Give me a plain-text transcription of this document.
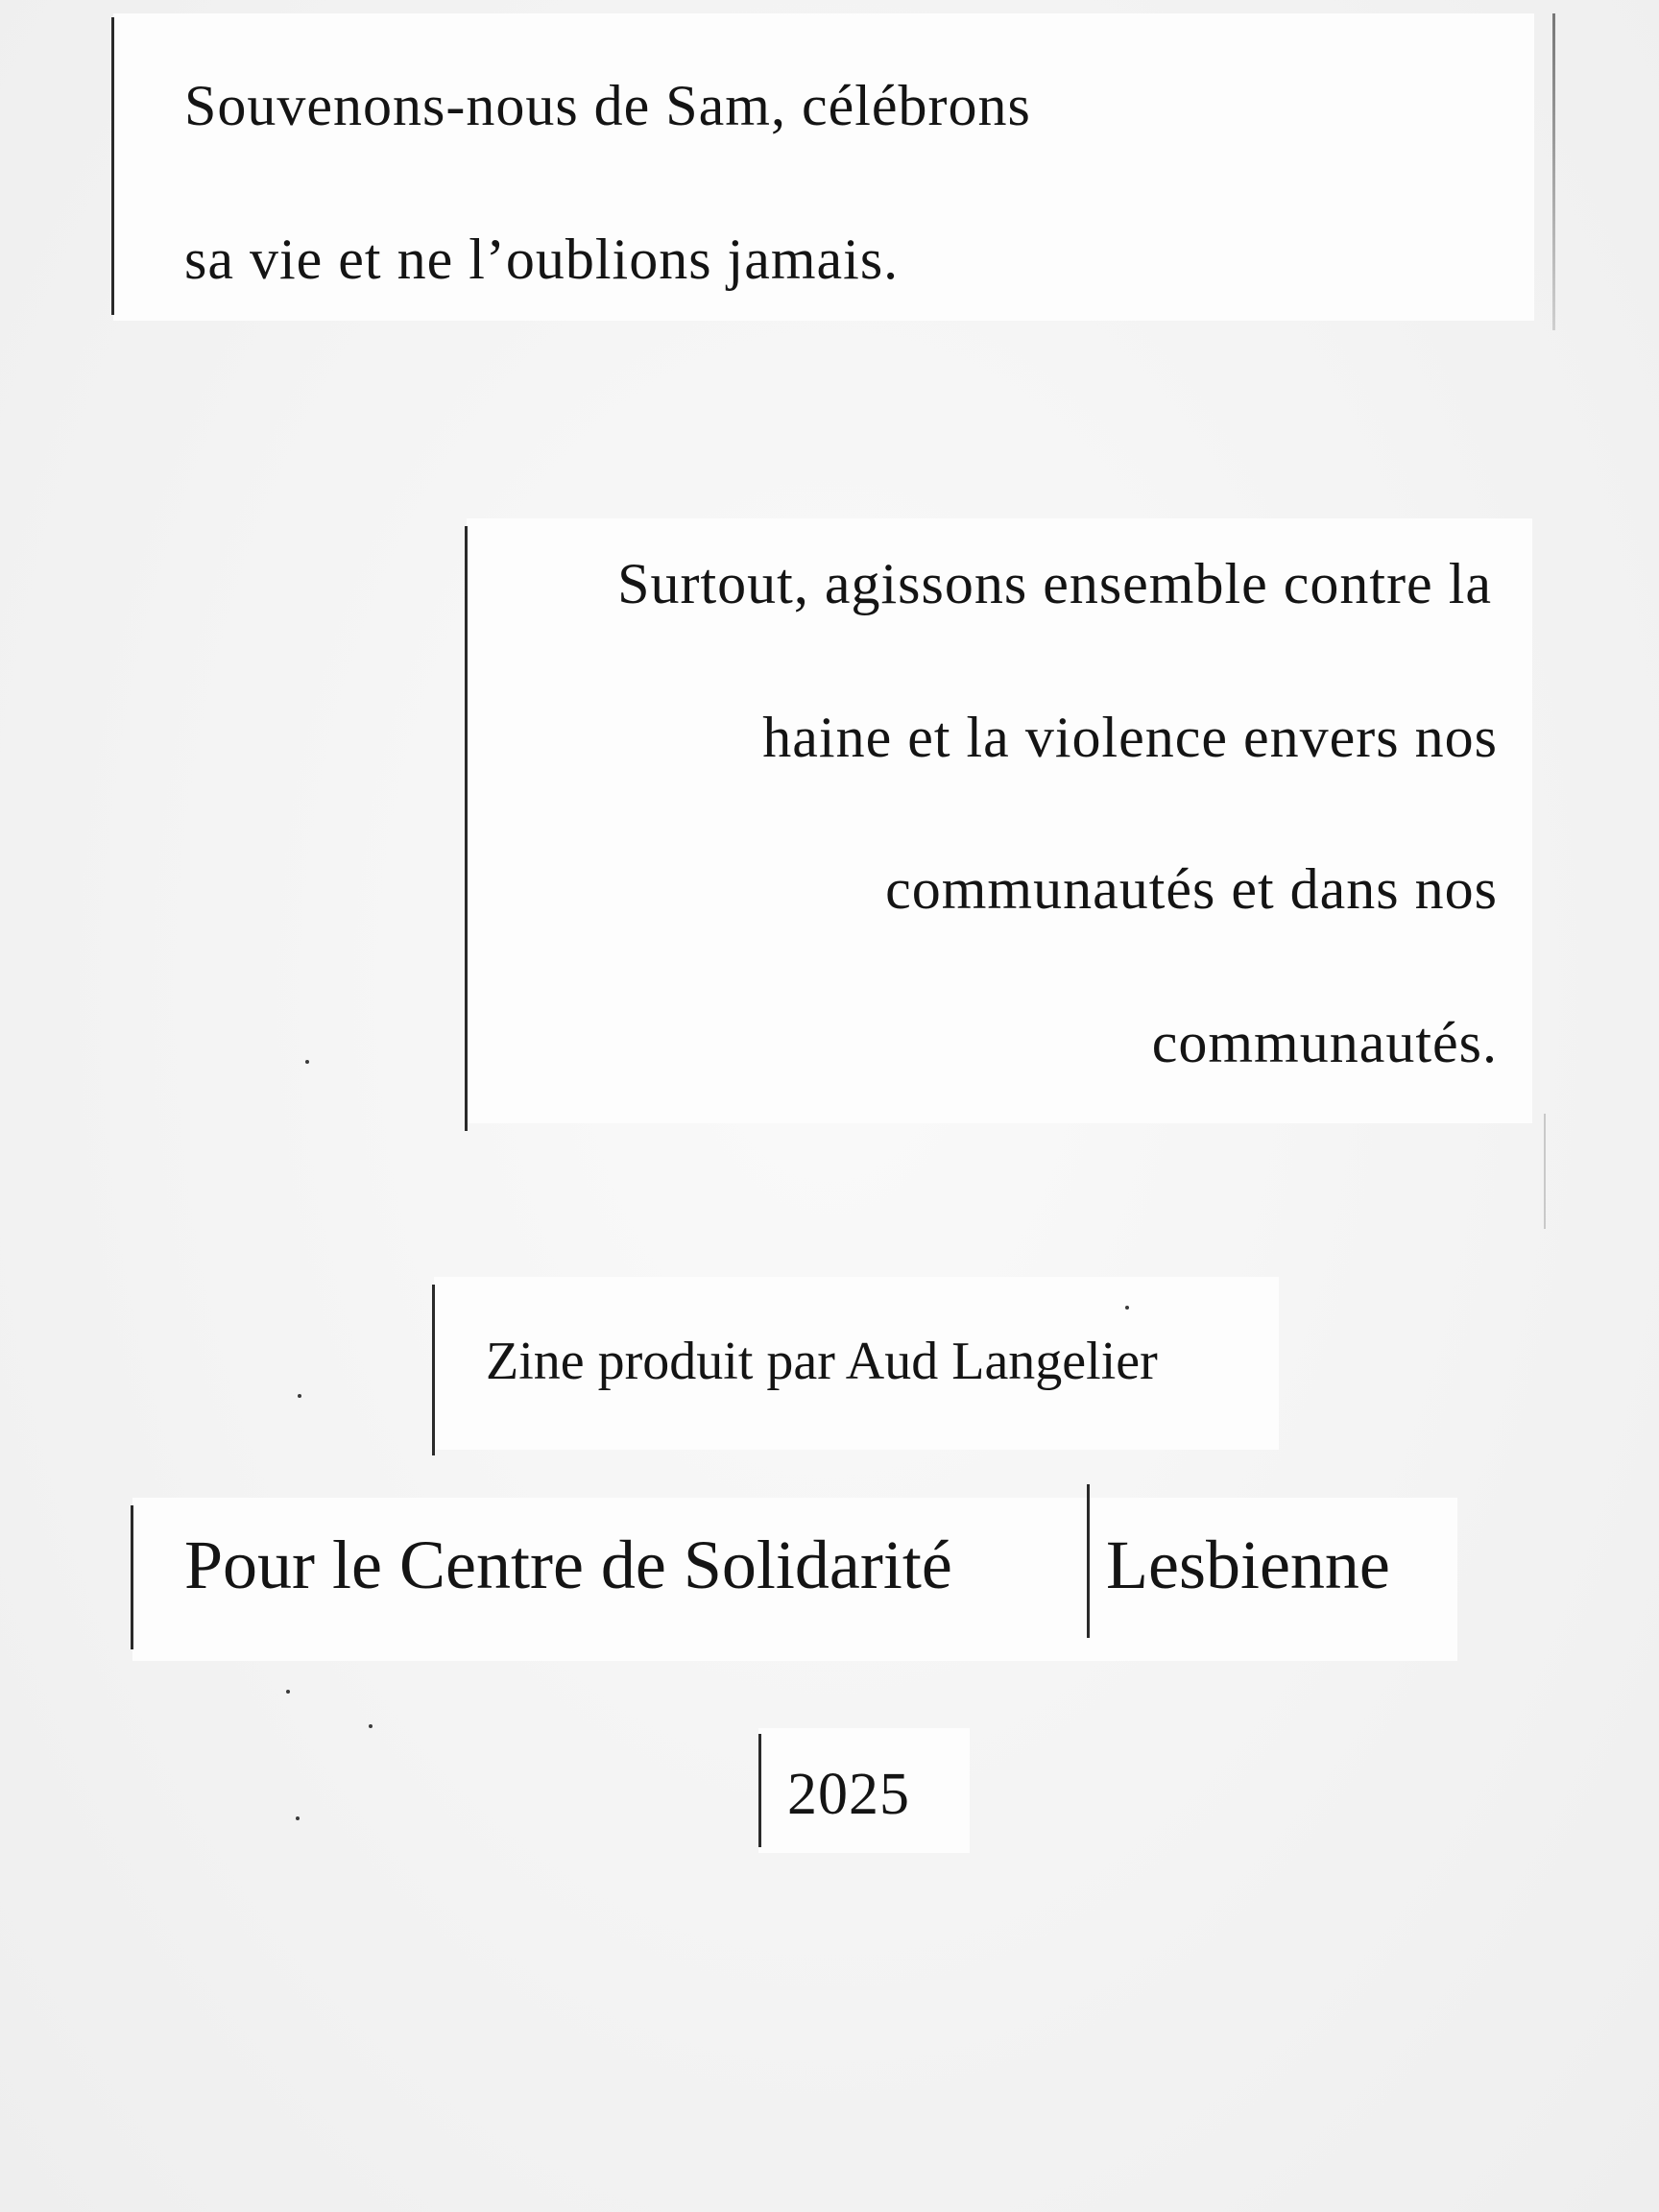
Souvenons-nous de Sam, célébrons
sa vie et ne l’oublions jamais.
Surtout, agissons ensemble contre la
haine et la violence envers nos
communautés et dans nos
communautés.
Zine produit par Aud Langelier
Pour le Centre de Solidarité Lesbienne
2025
